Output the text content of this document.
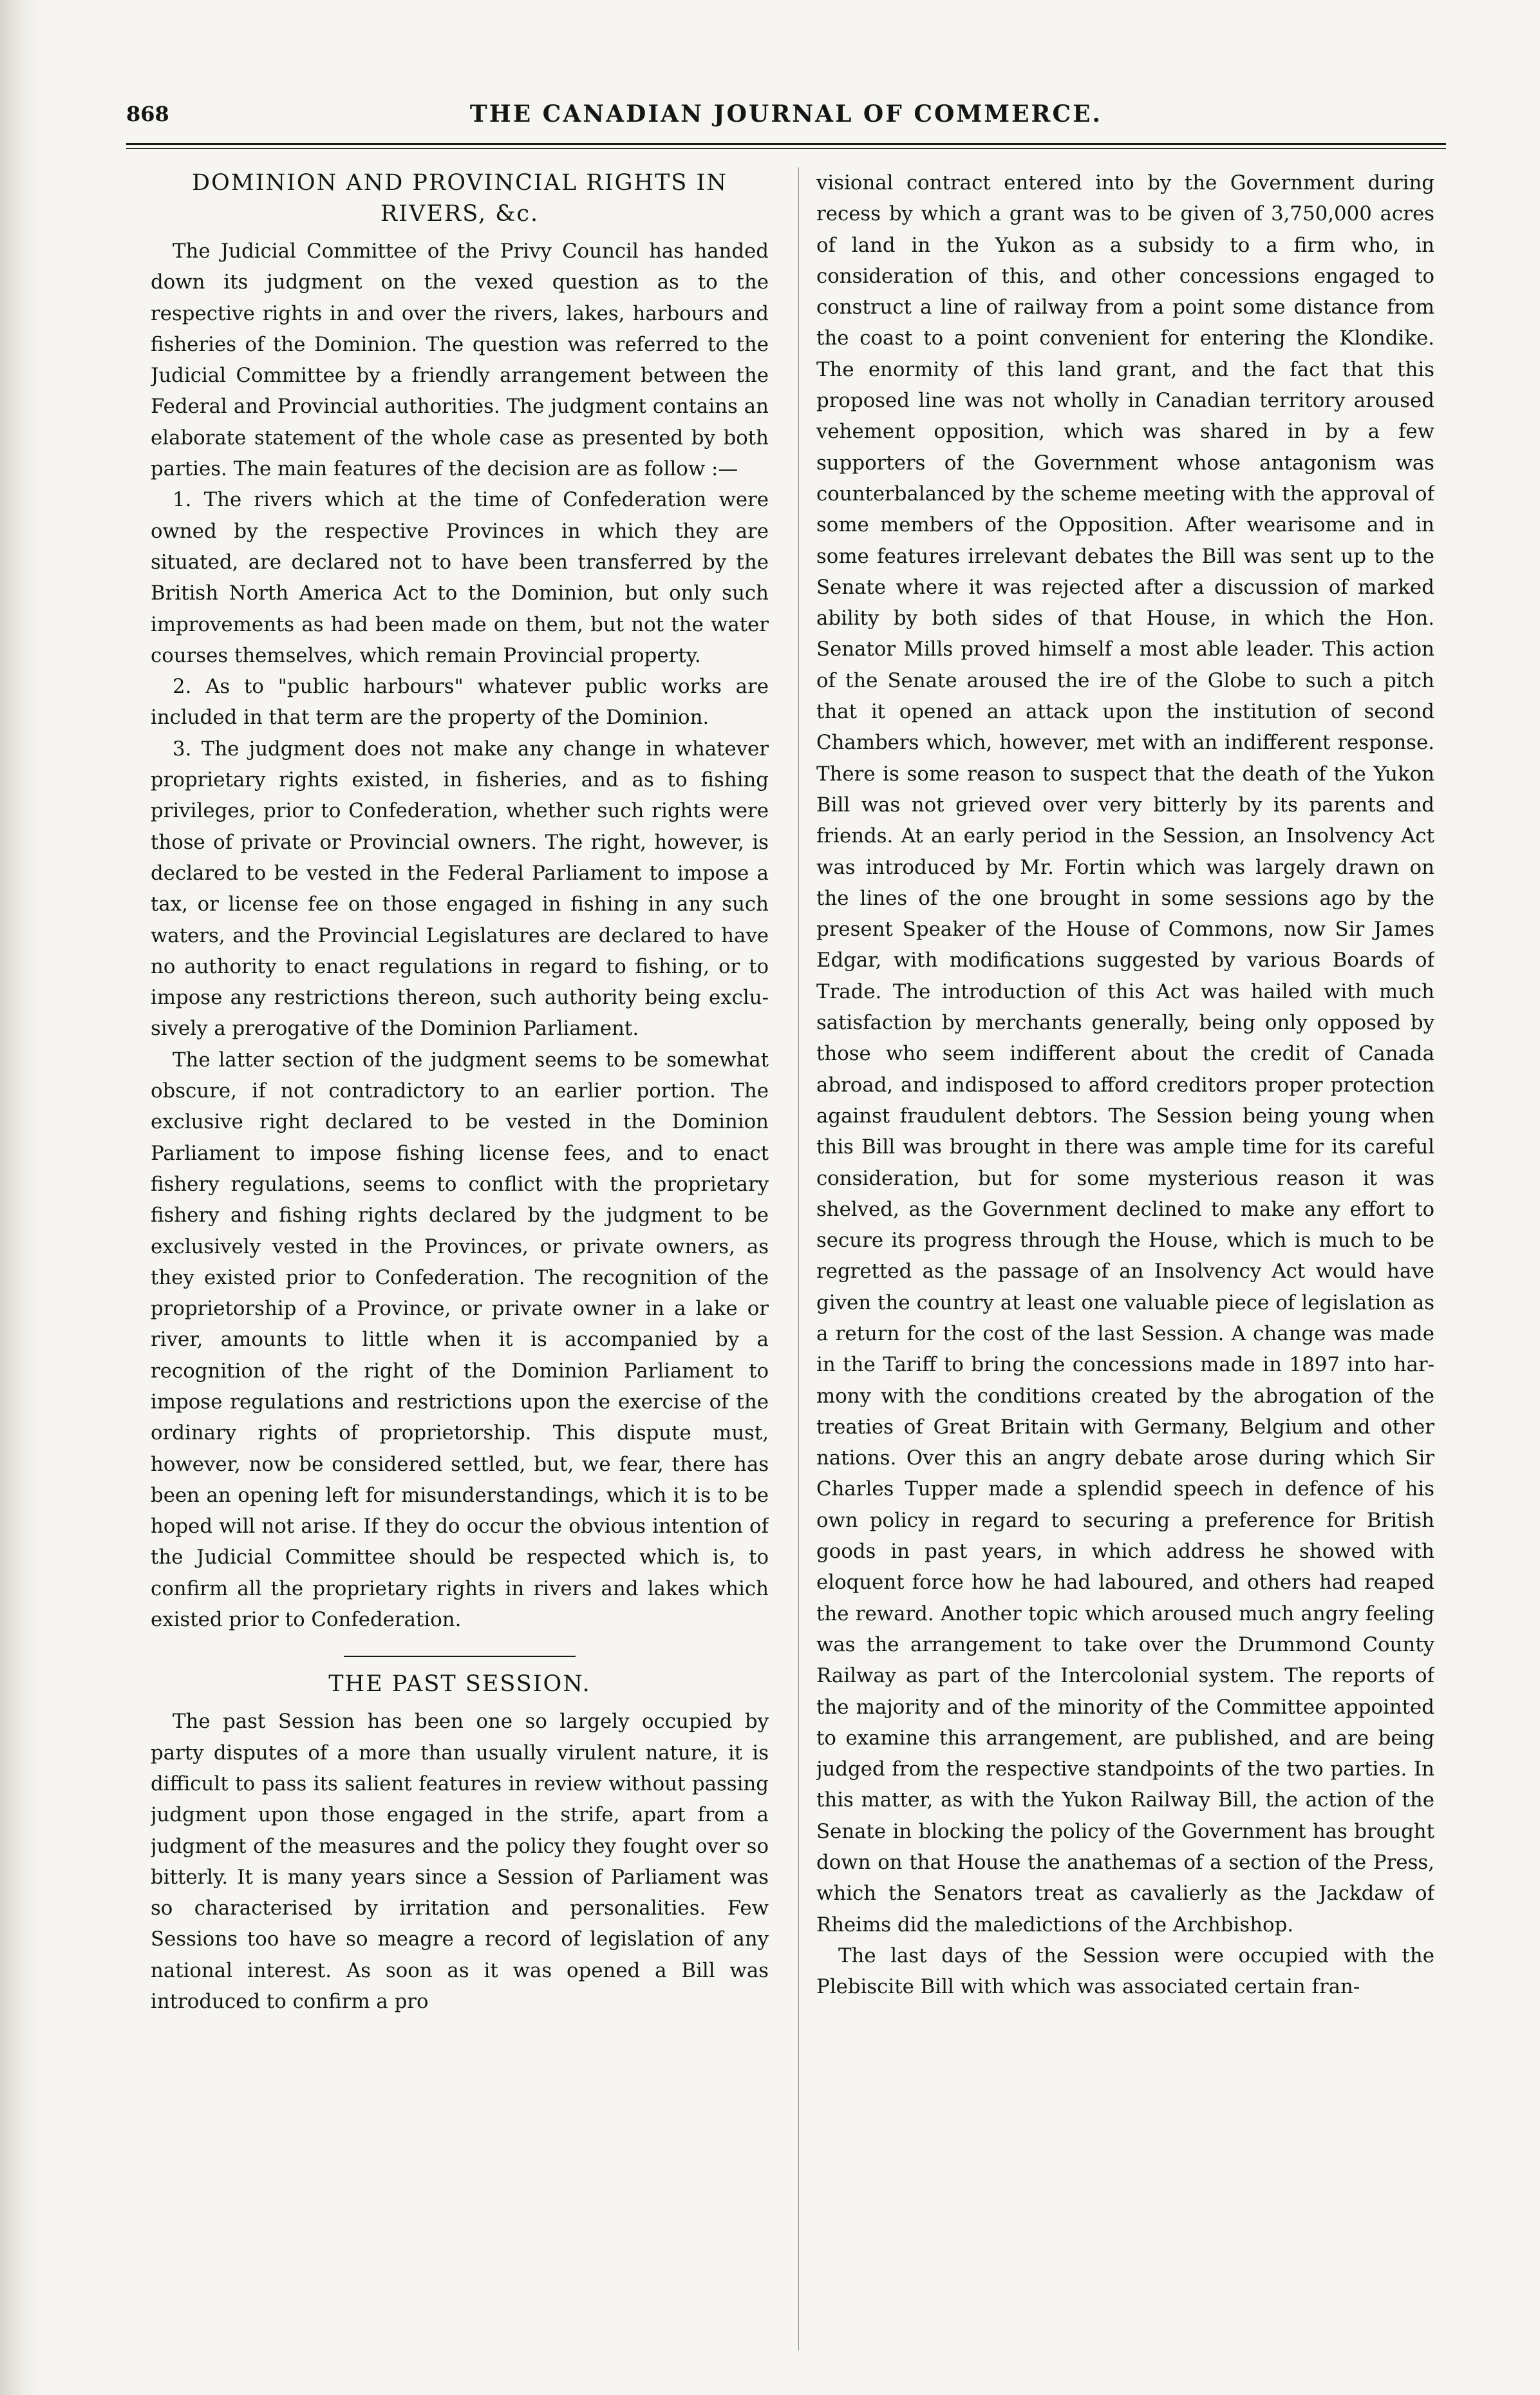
868	THE CANADIAN JOURNAL OF COMMERCE.
DOMINION AND PROVINCIAL RIGHTS IN RIVERS, &c.

The Judicial Committee of the Privy Council has handed down its judgment on the vexed question as to the respective rights in and over the rivers, lakes, harbours and fisheries of the Dominion. The question was referred to the Judicial Committee by a friendly arrangement between the Federal and Provincial authorities. The judgment contains an elaborate statement of the whole case as presented by both parties. The main features of the decision are as follow :—

1. The rivers which at the time of Confederation were owned by the respective Provinces in which they are situated, are declared not to have been transferred by the British North America Act to the Dominion, but only such improvements as had been made on them, but not the water courses themselves, which remain Provincial property.

2. As to "public harbours" whatever public works are included in that term are the property of the Dominion.

3. The judgment does not make any change in whatever proprietary rights existed, in fisheries, and as to fishing privileges, prior to Confederation, whether such rights were those of private or Provincial owners. The right, however, is declared to be vested in the Federal Parliament to impose a tax, or license fee on those engaged in fishing in any such waters, and the Provincial Legislatures are declared to have no authority to enact regulations in regard to fishing, or to impose any restrictions thereon, such authority being exclusively a prerogative of the Dominion Parliament.

The latter section of the judgment seems to be somewhat obscure, if not contradictory to an earlier portion. The exclusive right declared to be vested in the Dominion Parliament to impose fishing license fees, and to enact fishery regulations, seems to conflict with the proprietary fishery and fishing rights declared by the judgment to be exclusively vested in the Provinces, or private owners, as they existed prior to Confederation. The recognition of the proprietorship of a Province, or private owner in a lake or river, amounts to little when it is accompanied by a recognition of the right of the Dominion Parliament to impose regulations and restrictions upon the exercise of the ordinary rights of proprietorship. This dispute must, however, now be considered settled, but, we fear, there has been an opening left for misunderstandings, which it is to be hoped will not arise. If they do occur the obvious intention of the Judicial Committee should be respected which is, to confirm all the proprietary rights in rivers and lakes which existed prior to Confederation.

THE PAST SESSION.

The past Session has been one so largely occupied by party disputes of a more than usually virulent nature, it is difficult to pass its salient features in review without passing judgment upon those engaged in the strife, apart from a judgment of the measures and the policy they fought over so bitterly. It is many years since a Session of Parliament was so characterised by irritation and personalities. Few Sessions too have so meagre a record of legislation of any national interest. As soon as it was opened a Bill was introduced to confirm a pro

visional contract entered into by the Government during recess by which a grant was to be given of 3,750,000 acres of land in the Yukon as a subsidy to a firm who, in consideration of this, and other concessions engaged to construct a line of railway from a point some distance from the coast to a point convenient for entering the Klondike. The enormity of this land grant, and the fact that this proposed line was not wholly in Canadian territory aroused vehement opposition, which was shared in by a few supporters of the Government whose antagonism was counterbalanced by the scheme meeting with the approval of some members of the Opposition. After wearisome and in some features irrelevant debates the Bill was sent up to the Senate where it was rejected after a discussion of marked ability by both sides of that House, in which the Hon. Senator Mills proved himself a most able leader. This action of the Senate aroused the ire of the Globe to such a pitch that it opened an attack upon the institution of second Chambers which, however, met with an indifferent response. There is some reason to suspect that the death of the Yukon Bill was not grieved over very bitterly by its parents and friends. At an early period in the Session, an Insolvency Act was introduced by Mr. Fortin which was largely drawn on the lines of the one brought in some sessions ago by the present Speaker of the House of Commons, now Sir James Edgar, with modifications suggested by various Boards of Trade. The introduction of this Act was hailed with much satisfaction by merchants generally, being only opposed by those who seem indifferent about the credit of Canada abroad, and indisposed to afford creditors proper protection against fraudulent debtors. The Session being young when this Bill was brought in there was ample time for its careful consideration, but for some mysterious reason it was shelved, as the Government declined to make any effort to secure its progress through the House, which is much to be regretted as the passage of an Insolvency Act would have given the country at least one valuable piece of legislation as a return for the cost of the last Session. A change was made in the Tariff to bring the concessions made in 1897 into harmony with the conditions created by the abrogation of the treaties of Great Britain with Germany, Belgium and other nations. Over this an angry debate arose during which Sir Charles Tupper made a splendid speech in defence of his own policy in regard to securing a preference for British goods in past years, in which address he showed with eloquent force how he had laboured, and others had reaped the reward. Another topic which aroused much angry feeling was the arrangement to take over the Drummond County Railway as part of the Intercolonial system. The reports of the majority and of the minority of the Committee appointed to examine this arrangement, are published, and are being judged from the respective standpoints of the two parties. In this matter, as with the Yukon Railway Bill, the action of the Senate in blocking the policy of the Government has brought down on that House the anathemas of a section of the Press, which the Senators treat as cavalierly as the Jackdaw of Rheims did the maledictions of the Archbishop.

The last days of the Session were occupied with the Plebiscite Bill with which was associated certain fran-
